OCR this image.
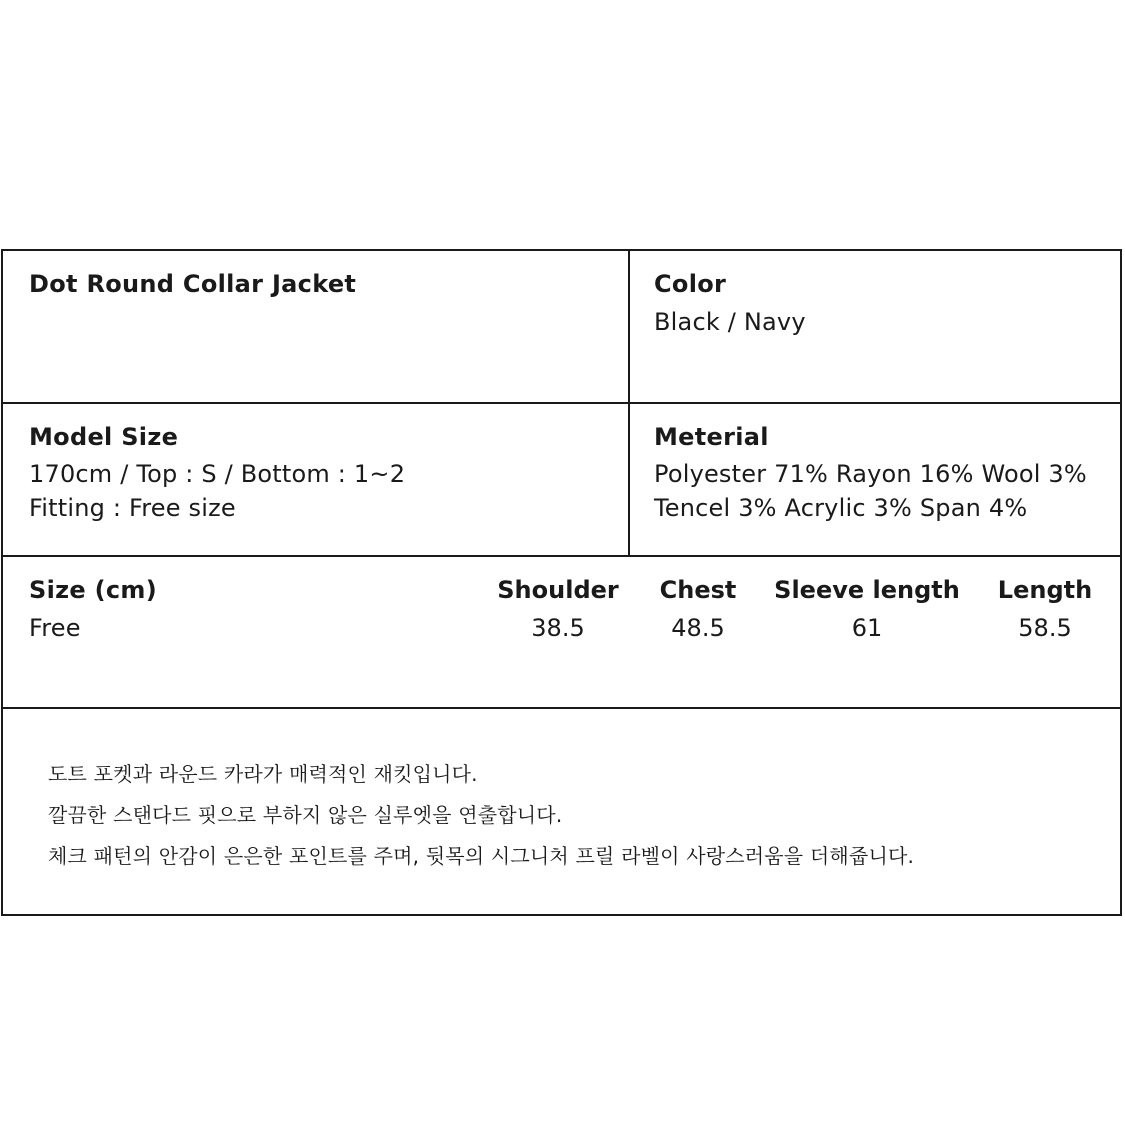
Dot Round Collar Jacket	Color
Black / Navy
Model Size
170cm / Top : S / Bottom : 1~2
Fitting : Free size
Meterial
Polyester 71% Rayon 16% Wool 3%
Tencel 3% Acrylic 3% Span 4%
Size (cm)
Free
Shoulder
38.5
Chest
48.5
Sleeve length
61
Length
58.5
도트 포켓과 라운드 카라가 매력적인 재킷입니다.
깔끔한 스탠다드 핏으로 부하지 않은 실루엣을 연출합니다.
체크 패턴의 안감이 은은한 포인트를 주며, 뒷목의 시그니처 프릴 라벨이 사랑스러움을 더해줍니다.
